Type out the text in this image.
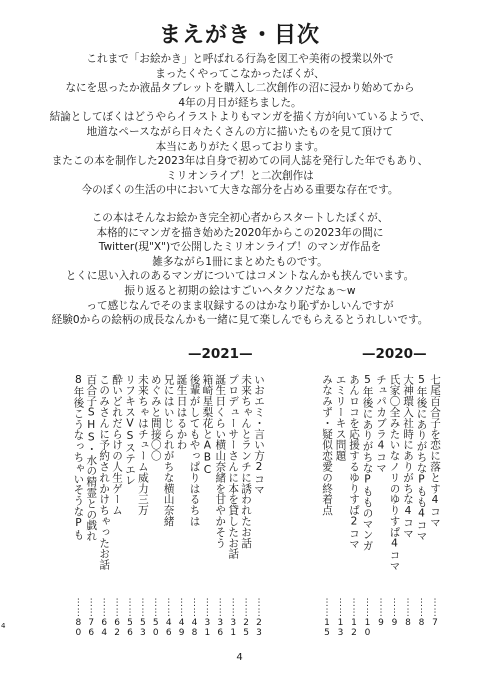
まえがき・目次
これまで「お絵かき」と呼ばれる行為を図工や美術の授業以外で
まったくやってこなかったぼくが、
なにを思ったか液晶タブレットを購入し二次創作の沼に浸かり始めてから
4年の月日が経ちました。
結論としてぼくはどうやらイラストよりもマンガを描く方が向いているようで、
地道なペースながら日々たくさんの方に描いたものを見て頂けて
本当にありがたく思っております。
またこの本を制作した2023年は自身で初めての同人誌を発行した年でもあり、
ミリオンライブ！と二次創作は
今のぼくの生活の中において大きな部分を占める重要な存在です。
この本はそんなお絵かき完全初心者からスタートしたぼくが、
本格的にマンガを描き始めた2020年からこの2023年の間に
Twitter(現"X")で公開したミリオンライブ！のマンガ作品を
雑多ながら1冊にまとめたものです。
とくに思い入れのあるマンガについてはコメントなんかも挟んでいます。
振り返ると初期の絵はすごいヘタクソだなぁ〜w
って感じなんでそのまま収録するのはかなり恥ずかしいんですが
経験0からの絵柄の成長なんかも一緒に見て楽しんでもらえるとうれしいです。
—2021—	—2020—
七尾百合子を恋に落とす4コマ
⋮
⋮
7
5年後にありがちなPもも4コマ
⋮
⋮
8
大神環入社時にありがちな4コマ
⋮
⋮
8
氏家〇全みたいなノリのゆりすぱ4コマ
⋮
⋮
9
チュパカブラ4コマ
⋮
⋮
9
5年後にありがちなPもものマンガ
⋮
⋮
1
0
あんロコを応援するゆりすぱ2コマ
⋮
⋮
1
2
エミリーキス問題
⋮
⋮
1
3
みなみず・疑似恋愛の終着点
⋮
⋮
1
5
いおエミ・言い方2コマ
⋮
⋮
2
3
未来ちゃんとランチに誘われたお話
⋮
⋮
2
5
プロデューサーさんに本を貸したお話
⋮
⋮
3
1
誕生日くらい横山奈緒を甘やかそう
⋮
⋮
3
6
箱崎星梨花とABC
⋮
⋮
3
1
後輩がしてもやっぱりはるちは
⋮
⋮
4
8
誕生日はるかわ
⋮
⋮
4
9
兄にはいじられがちな横山奈緒
⋮
⋮
4
6
めぐみと間接〇〇
⋮
⋮
5
0
未来ちゃはチューム威力三万
⋮
⋮
5
3
リフキスVSステエレ
⋮
⋮
5
6
酔いどれだらけの人生ゲーム
⋮
⋮
6
2
このみさんに予約されかけちゃったお話
⋮
⋮
6
4
百合子SHS・水の精霊との戯れ
⋮
⋮
7
6
8年後こうなっちゃいそうなPも
⋮
⋮
8
0
4
4
